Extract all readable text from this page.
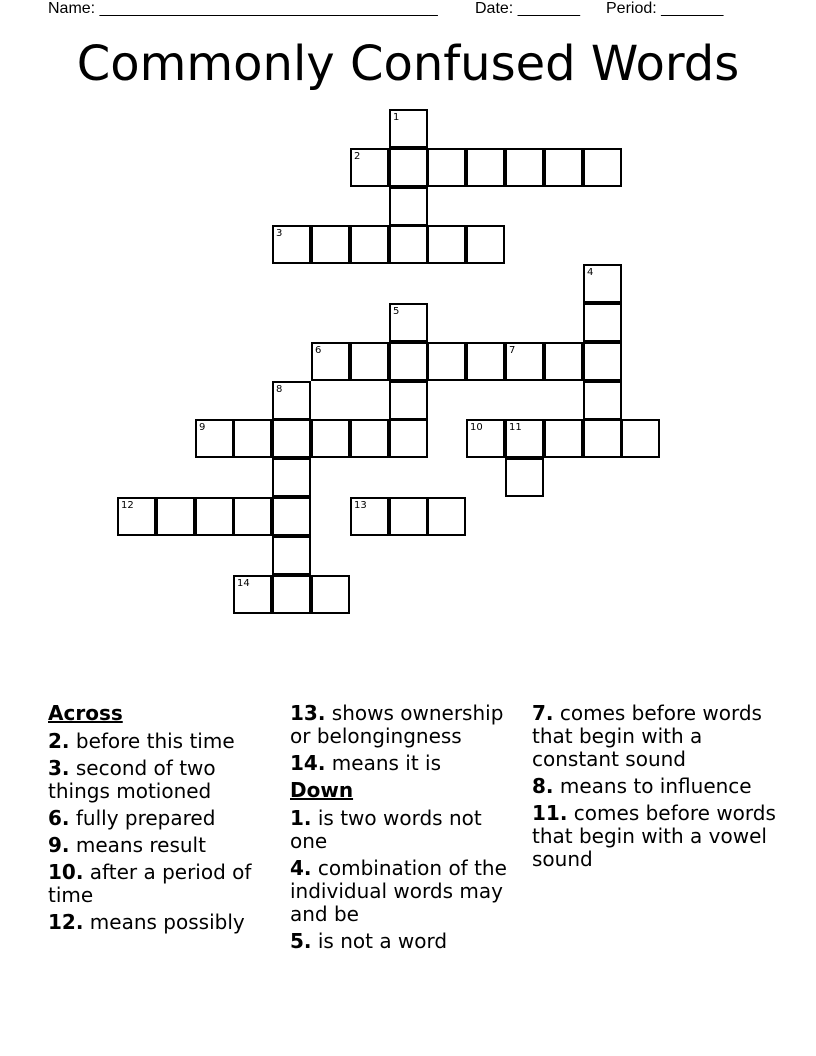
Name: ______________________________________ Date: _______ Period: _______
Commonly Confused Words
1
2
3
4
5
6	7
8
9	10	11
12	13
14
Across
2. before this time
3. second of two things motioned
6. fully prepared
9. means result
10. after a period of time
12. means possibly
13. shows ownership or belongingness
14. means it is
Down
1. is two words not one
4. combination of the individual words may and be
5. is not a word
7. comes before words that begin with a constant sound
8. means to influence
11. comes before words that begin with a vowel sound
